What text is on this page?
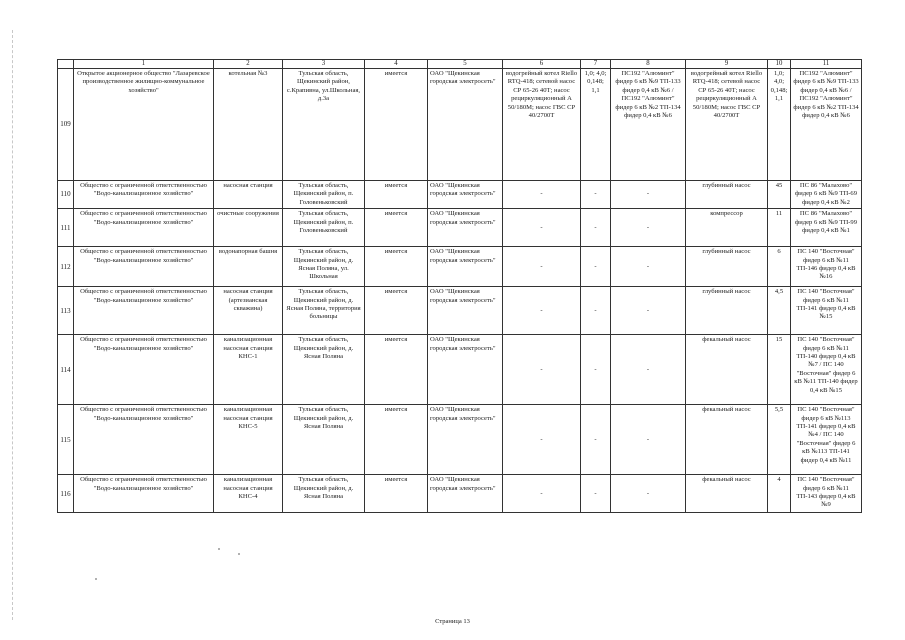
	1	2	3	4	5	6	7	8	9	10	11
109	Открытое акционерное общество "Лазаревское производственное жилищно-коммунальное хозяйство"	котельная №3	Тульская область, Щекинский район, с.Крапивна, ул.Школьная, д.3а	имеется	ОАО "Щекинская городская электросеть"	водогрейный котел Riello RTQ-418; сетевой насос СР 65-26 40Т; насос рециркуляционный А 50/180М; насос ГВС СР 40/2700Т	1,0; 4,0; 0,148; 1,1	ПС192 "Алюминт" фидер 6 кВ №9 ТП-133 фидер 0,4 кВ №6 / ПС192 "Алюминт" фидер 6 кВ №2 ТП-134 фидер 0,4 кВ №6	водогрейный котел Riello RTQ-418; сетевой насос СР 65-26 40Т; насос рециркуляционный А 50/180М; насос ГВС СР 40/2700Т	1,0; 4,0; 0,148; 1,1	ПС192 "Алюминт" фидер 6 кВ №9 ТП-133 фидер 0,4 кВ №6 / ПС192 "Алюминт" фидер 6 кВ №2 ТП-134 фидер 0,4 кВ №6
110	Общество с ограниченной ответственностью "Водо-канализационное хозяйство"	насосная станция	Тульская область, Щекинский район, п. Головеньковский	имеется	ОАО "Щекинская городская электросеть"	-	-	-	глубинный насос	45	ПС 86 "Малахово" фидер 6 кВ №9 ТП-69 фидер 0,4 кВ №2
111	Общество с ограниченной ответственностью "Водо-канализационное хозяйство"	очистные сооружения	Тульская область, Щекинский район, п. Головеньковский	имеется	ОАО "Щекинская городская электросеть"	-	-	-	компрессор	11	ПС 86 "Малахово" фидер 6 кВ №9 ТП-99 фидер 0,4 кВ №1
112	Общество с ограниченной ответственностью "Водо-канализационное хозяйство"	водонапорная башня	Тульская область, Щекинский район, д. Ясная Поляна, ул. Школьная	имеется	ОАО "Щекинская городская электросеть"	-	-	-	глубинный насос	6	ПС 140 "Восточная" фидер 6 кВ №11 ТП-146 фидер 0,4 кВ №16
113	Общество с ограниченной ответственностью "Водо-канализационное хозяйство"	насосная станция (артезианская скважина)	Тульская область, Щекинский район, д. Ясная Поляна, территория больницы	имеется	ОАО "Щекинская городская электросеть"	-	-	-	глубинный насос	4,5	ПС 140 "Восточная" фидер 6 кВ №11 ТП-141 фидер 0,4 кВ №15
114	Общество с ограниченной ответственностью "Водо-канализационное хозяйство"	канализационная насосная станция КНС-1	Тульская область, Щекинский район, д. Ясная Поляна	имеется	ОАО "Щекинская городская электросеть"	-	-	-	фекальный насос	15	ПС 140 "Восточная" фидер 6 кВ №11 ТП-140 фидер 0,4 кВ №7 / ПС 140 "Восточная" фидер 6 кВ №11 ТП-140 фидер 0,4 кВ №15
115	Общество с ограниченной ответственностью "Водо-канализационное хозяйство"	канализационная насосная станция КНС-5	Тульская область, Щекинский район, д. Ясная Поляна	имеется	ОАО "Щекинская городская электросеть"	-	-	-	фекальный насос	5,5	ПС 140 "Восточная" фидер 6 кВ №113 ТП-141 фидер 0,4 кВ №4 / ПС 140 "Восточная" фидер 6 кВ №113 ТП-141 фидер 0,4 кВ №11
116	Общество с ограниченной ответственностью "Водо-канализационное хозяйство"	канализационная насосная станция КНС-4	Тульская область, Щекинский район, д. Ясная Поляна	имеется	ОАО "Щекинская городская электросеть"	-	-	-	фекальный насос	4	ПС 140 "Восточная" фидер 6 кВ №11 ТП-143 фидер 0,4 кВ №9
Страница 13
